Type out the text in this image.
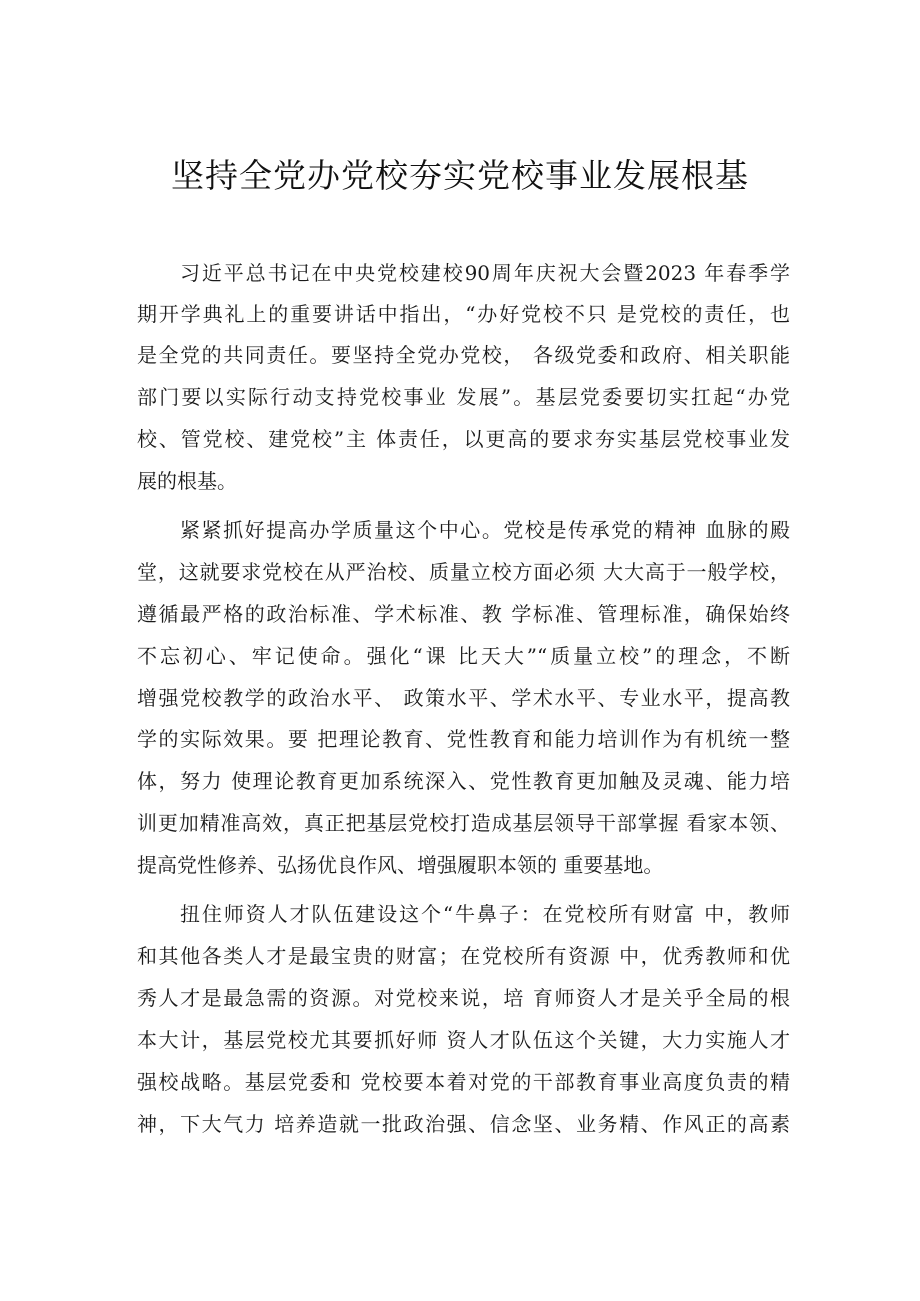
坚持全党办党校夯实党校事业发展根基

习近平总书记在中央党校建校90周年庆祝大会暨2023 年春季学

期开学典礼上的重要讲话中指出，“办好党校不只 是党校的责任，也

是全党的共同责任。要坚持全党办党校， 各级党委和政府、相关职能

部门要以实际行动支持党校事业 发展”。基层党委要切实扛起“办党

校、管党校、建党校”主 体责任，以更高的要求夯实基层党校事业发

展的根基。

紧紧抓好提高办学质量这个中心。党校是传承党的精神 血脉的殿

堂，这就要求党校在从严治校、质量立校方面必须 大大高于一般学校，

遵循最严格的政治标准、学术标准、教 学标准、管理标准，确保始终

不忘初心、牢记使命。强化“课 比天大”“质量立校”的理念，不断

增强党校教学的政治水平、 政策水平、学术水平、专业水平，提高教

学的实际效果。要 把理论教育、党性教育和能力培训作为有机统一整

体，努力 使理论教育更加系统深入、党性教育更加触及灵魂、能力培

训更加精准高效，真正把基层党校打造成基层领导干部掌握 看家本领、

提高党性修养、弘扬优良作风、增强履职本领的 重要基地。

扭住师资人才队伍建设这个“牛鼻子：在党校所有财富 中，教师

和其他各类人才是最宝贵的财富；在党校所有资源 中，优秀教师和优

秀人才是最急需的资源。对党校来说，培 育师资人才是关乎全局的根

本大计，基层党校尤其要抓好师 资人才队伍这个关键，大力实施人才

强校战略。基层党委和 党校要本着对党的干部教育事业高度负责的精

神，下大气力 培养造就一批政治强、信念坚、业务精、作风正的高素
